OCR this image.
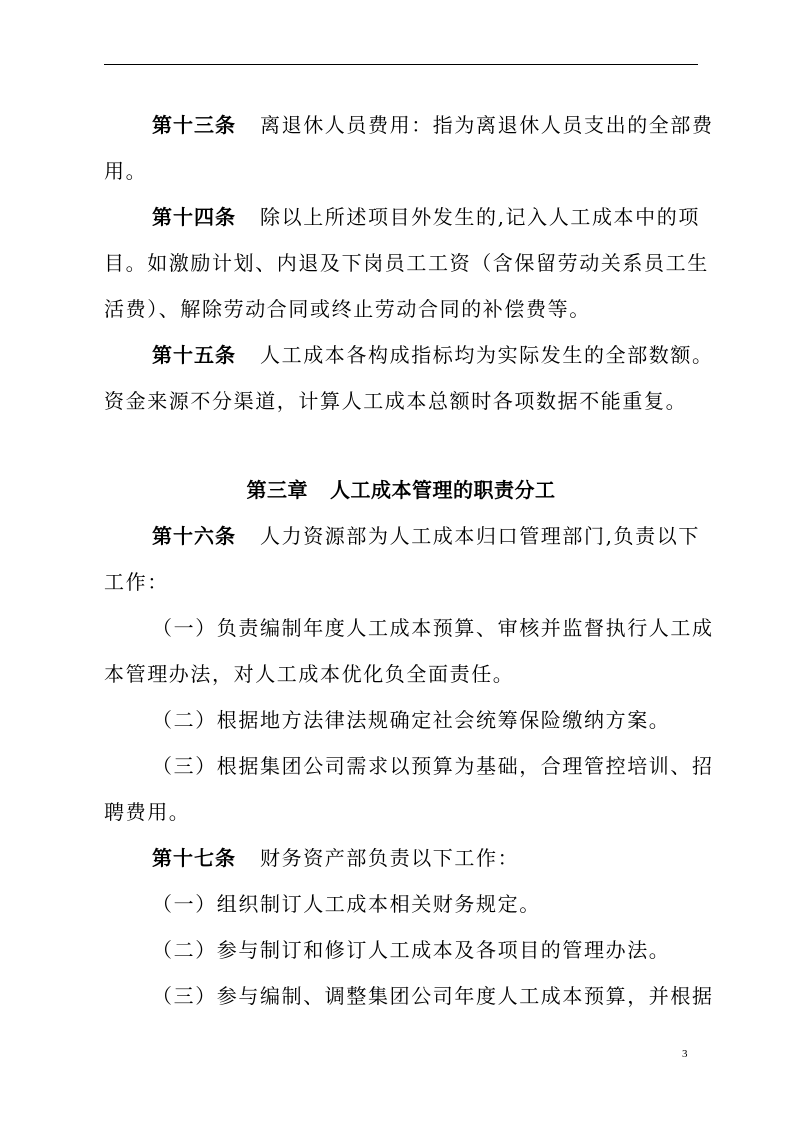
第十三条 离退休人员费用：指为离退休人员支出的全部费
用。
第十四条 除以上所述项目外发生的,记入人工成本中的项
目。如激励计划、内退及下岗员工工资（含保留劳动关系员工生
活费）、解除劳动合同或终止劳动合同的补偿费等。
第十五条 人工成本各构成指标均为实际发生的全部数额。
资金来源不分渠道，计算人工成本总额时各项数据不能重复。
第三章 人工成本管理的职责分工
第十六条 人力资源部为人工成本归口管理部门,负责以下
工作：
（一）负责编制年度人工成本预算、审核并监督执行人工成
本管理办法，对人工成本优化负全面责任。
（二）根据地方法律法规确定社会统筹保险缴纳方案。
（三）根据集团公司需求以预算为基础，合理管控培训、招
聘费用。
第十七条 财务资产部负责以下工作：
（一）组织制订人工成本相关财务规定。
（二）参与制订和修订人工成本及各项目的管理办法。
（三）参与编制、调整集团公司年度人工成本预算，并根据
3
